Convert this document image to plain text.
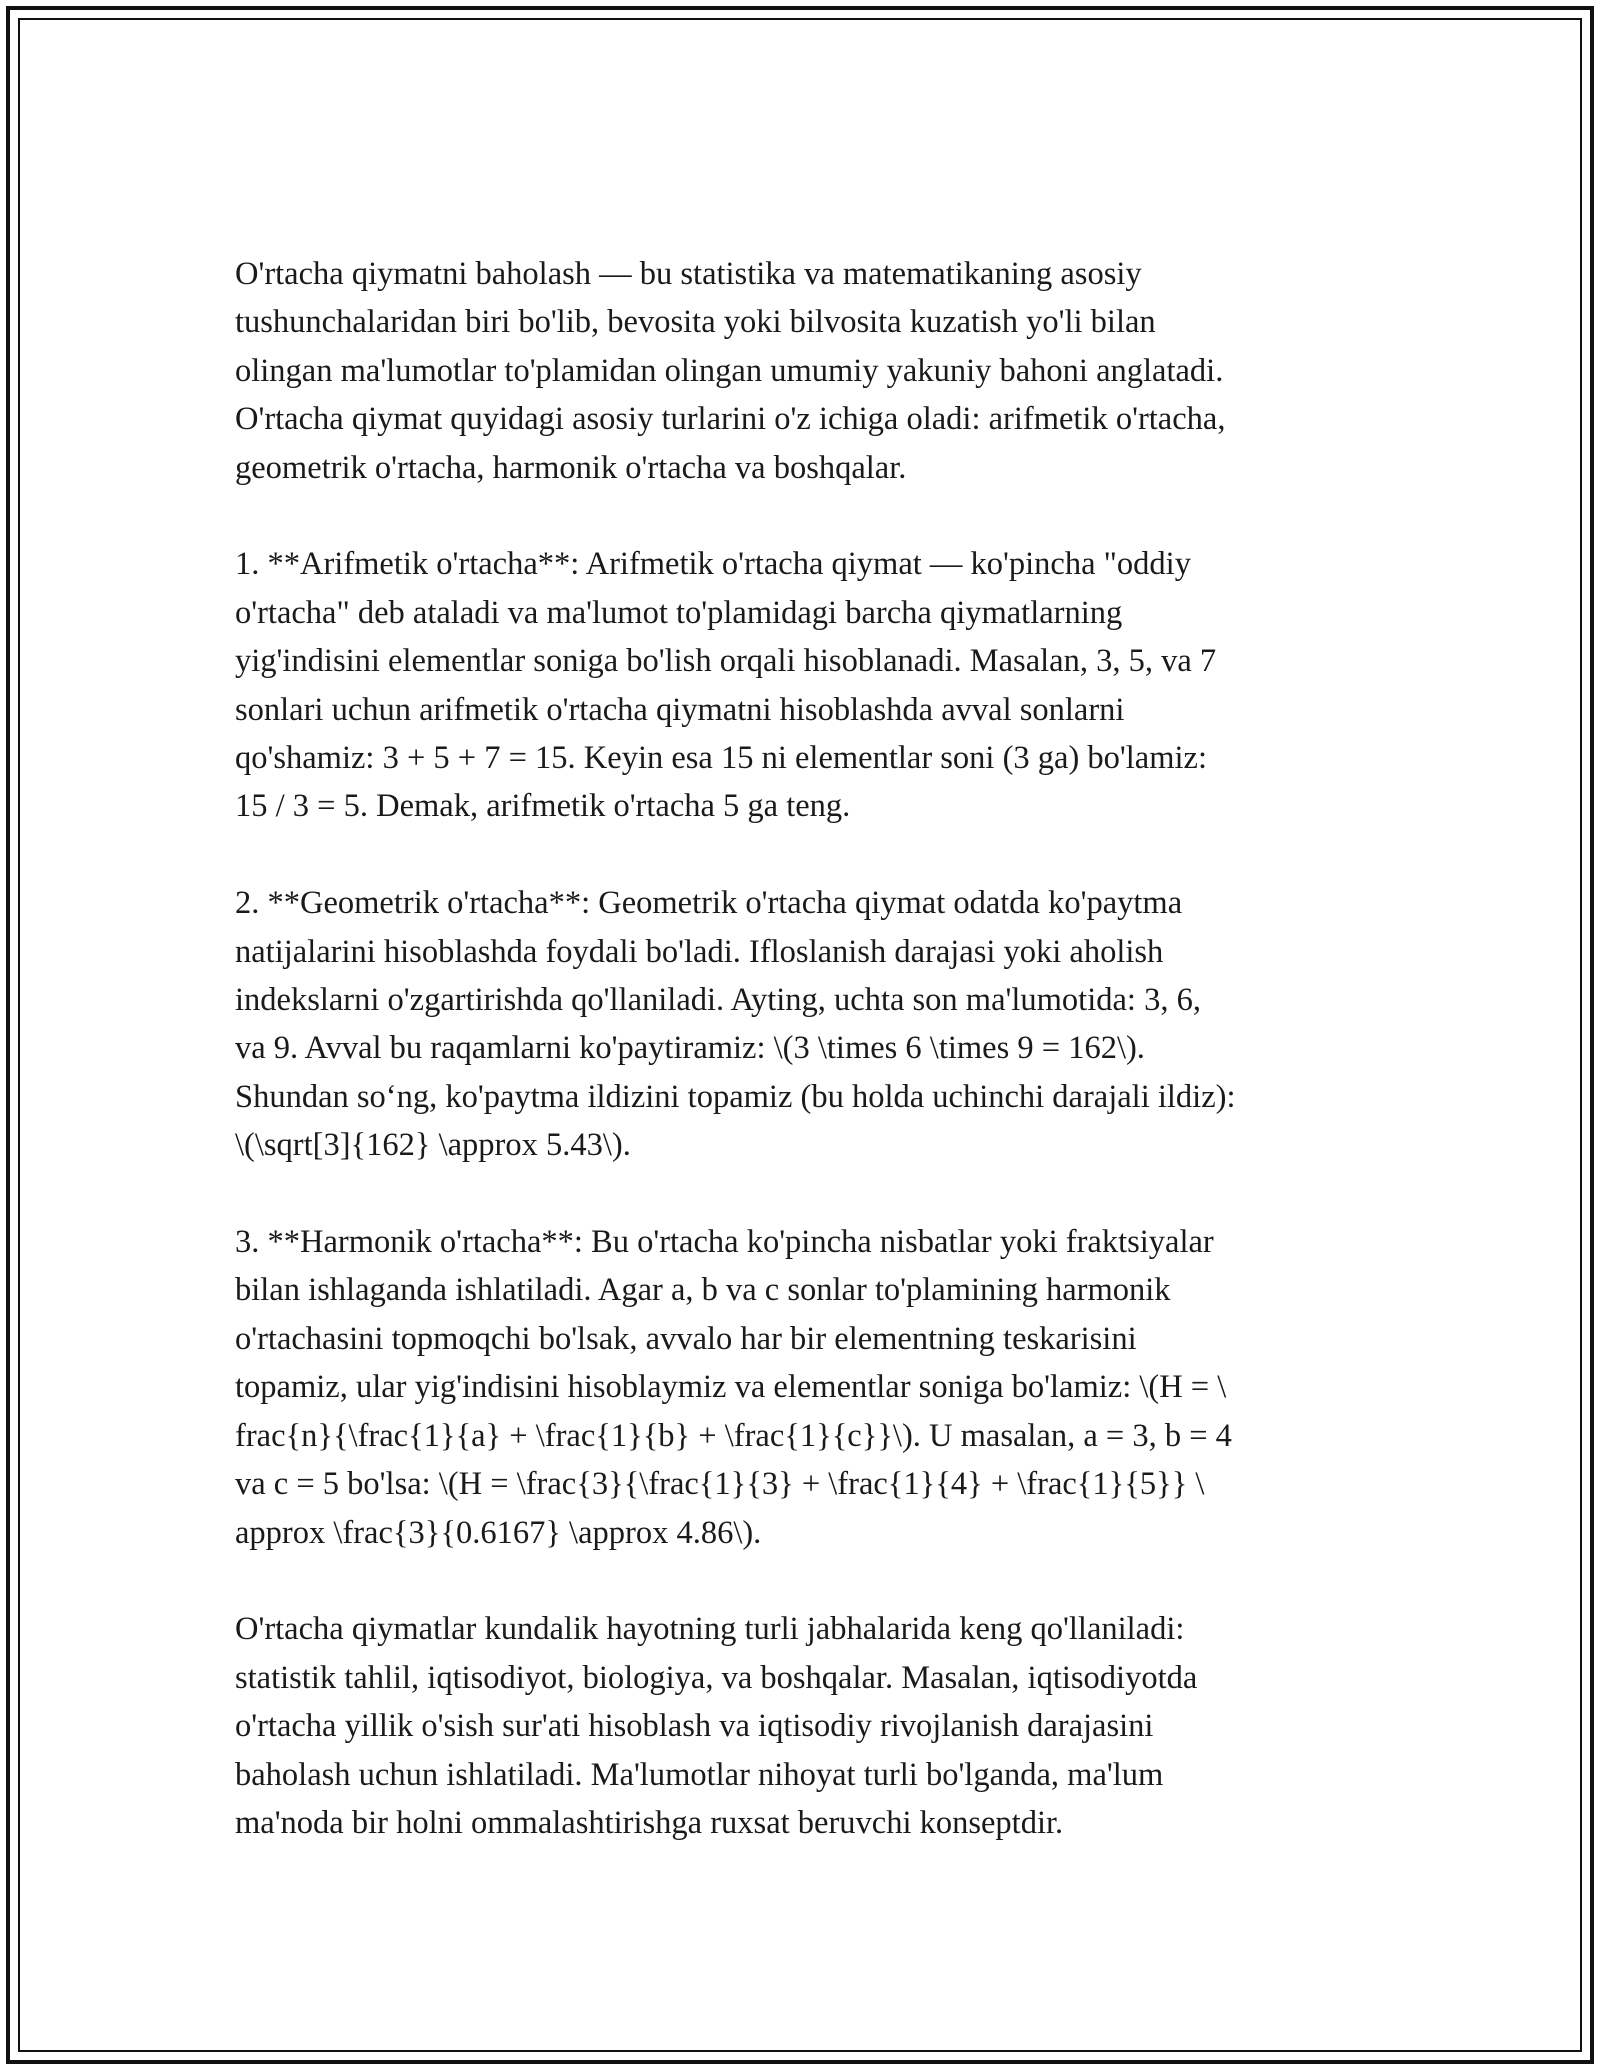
O'rtacha qiymatni baholash — bu statistika va matematikaning asosiy
tushunchalaridan biri bo'lib, bevosita yoki bilvosita kuzatish yo'li bilan
olingan ma'lumotlar to'plamidan olingan umumiy yakuniy bahoni anglatadi.
O'rtacha qiymat quyidagi asosiy turlarini o'z ichiga oladi: arifmetik o'rtacha,
geometrik o'rtacha, harmonik o'rtacha va boshqalar.

1. **Arifmetik o'rtacha**: Arifmetik o'rtacha qiymat — ko'pincha "oddiy
o'rtacha" deb ataladi va ma'lumot to'plamidagi barcha qiymatlarning
yig'indisini elementlar soniga bo'lish orqali hisoblanadi. Masalan, 3, 5, va 7
sonlari uchun arifmetik o'rtacha qiymatni hisoblashda avval sonlarni
qo'shamiz: 3 + 5 + 7 = 15. Keyin esa 15 ni elementlar soni (3 ga) bo'lamiz:
15 / 3 = 5. Demak, arifmetik o'rtacha 5 ga teng.

2. **Geometrik o'rtacha**: Geometrik o'rtacha qiymat odatda ko'paytma
natijalarini hisoblashda foydali bo'ladi. Ifloslanish darajasi yoki aholish
indekslarni o'zgartirishda qo'llaniladi. Ayting, uchta son ma'lumotida: 3, 6,
va 9. Avval bu raqamlarni ko'paytiramiz: \(3 \times 6 \times 9 = 162\).
Shundan so‘ng, ko'paytma ildizini topamiz (bu holda uchinchi darajali ildiz):
\(\sqrt[3]{162} \approx 5.43\).

3. **Harmonik o'rtacha**: Bu o'rtacha ko'pincha nisbatlar yoki fraktsiyalar
bilan ishlaganda ishlatiladi. Agar a, b va c sonlar to'plamining harmonik
o'rtachasini topmoqchi bo'lsak, avvalo har bir elementning teskarisini
topamiz, ular yig'indisini hisoblaymiz va elementlar soniga bo'lamiz: \(H = \
frac{n}{\frac{1}{a} + \frac{1}{b} + \frac{1}{c}}\). U masalan, a = 3, b = 4
va c = 5 bo'lsa: \(H = \frac{3}{\frac{1}{3} + \frac{1}{4} + \frac{1}{5}} \
approx \frac{3}{0.6167} \approx 4.86\).

O'rtacha qiymatlar kundalik hayotning turli jabhalarida keng qo'llaniladi:
statistik tahlil, iqtisodiyot, biologiya, va boshqalar. Masalan, iqtisodiyotda
o'rtacha yillik o'sish sur'ati hisoblash va iqtisodiy rivojlanish darajasini
baholash uchun ishlatiladi. Ma'lumotlar nihoyat turli bo'lganda, ma'lum
ma'noda bir holni ommalashtirishga ruxsat beruvchi konseptdir.
